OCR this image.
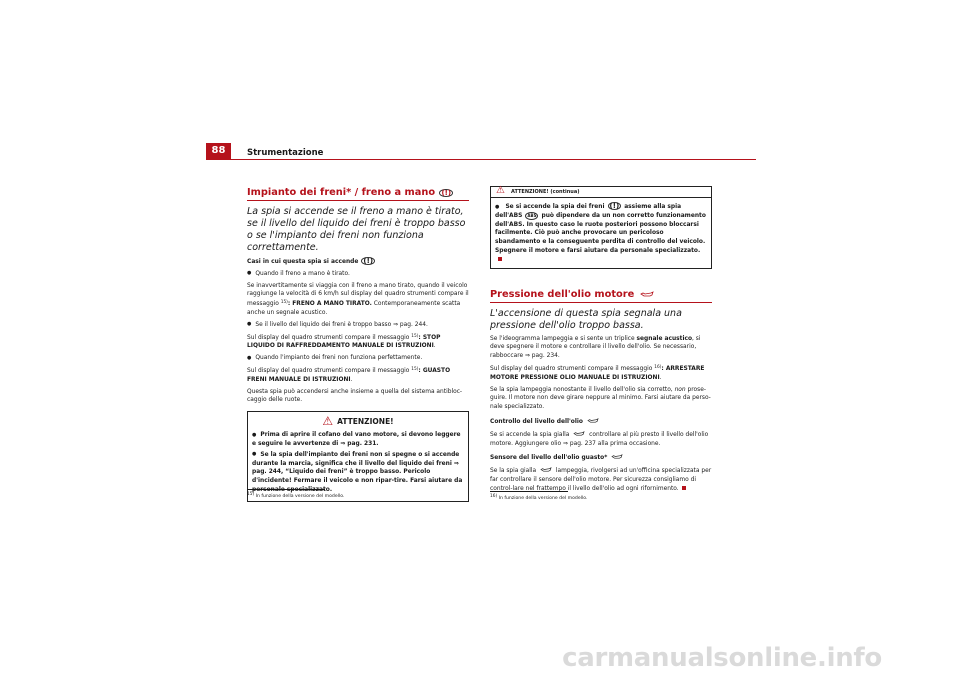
88	Strumentazione
Impianto dei freni* / freno a mano (!)

La spia si accende se il freno a mano è tirato, se il livello del liquido dei freni è troppo basso o se l'impianto dei freni non funziona correttamente.

Casi in cui questa spia si accende (!)

● Quando il freno a mano è tirato.

Se inavvertitamente si viaggia con il freno a mano tirato, quando il veicolo raggiunge la velocità di 6 km/h sul display del quadro strumenti compare il messaggio $^{15)}$: FRENO A MANO TIRATO. Contemporaneamente scatta anche un segnale acustico.

● Se il livello del liquido dei freni è troppo basso ⇒ pag. 244.

Sul display del quadro strumenti compare il messaggio $^{15)}$: STOP LIQUIDO DI RAFFREDDAMENTO MANUALE DI ISTRUZIONI.

● Quando l'impianto dei freni non funziona perfettamente.

Sul display del quadro strumenti compare il messaggio $^{15)}$: GUASTO FRENI MANUALE DI ISTRUZIONI.

Questa spia può accendersi anche insieme a quella del sistema antibloc-caggio delle ruote.

⚠ ATTENZIONE!

● Prima di aprire il cofano del vano motore, si devono leggere e seguire le avvertenze di ⇒ pag. 231.

● Se la spia dell'impianto dei freni non si spegne o si accende durante la marcia, significa che il livello del liquido dei freni ⇒ pag. 244, “Liquido dei freni” è troppo basso. Pericolo d'incidente! Fermare il veicolo e non ripar-tire. Farsi aiutare da personale specializzato.

$^{15)}$ In funzione della versione del modello.
⚠ ATTENZIONE! (continua)

● Se si accende la spia dei freni (!) assieme alla spia dell'ABS ABS può dipendere da un non corretto funzionamento dell'ABS. In questo caso le ruote posteriori possono bloccarsi facilmente. Ciò può anche provocare un pericoloso sbandamento e la conseguente perdita di controllo del veicolo. Spegnere il motore e farsi aiutare da personale specializzato.

Pressione dell'olio motore

L'accensione di questa spia segnala una pressione dell'olio troppo bassa.

Se l'ideogramma lampeggia e si sente un triplice segnale acustico, si deve spegnere il motore e controllare il livello dell'olio. Se necessario, rabboccare ⇒ pag. 234.

Sul display del quadro strumenti compare il messaggio $^{16)}$: ARRESTARE MOTORE PRESSIONE OLIO MANUALE DI ISTRUZIONI.

Se la spia lampeggia nonostante il livello dell'olio sia corretto, non prose-guire. Il motore non deve girare neppure al minimo. Farsi aiutare da perso-nale specializzato.

Controllo del livello dell'olio

Se si accende la spia gialla	controllare al più presto il livello dell'olio motore. Aggiungere olio ⇒ pag. 237 alla prima occasione.

Sensore del livello dell'olio guasto*

Se la spia gialla	lampeggia, rivolgersi ad un'officina specializzata per far controllare il sensore dell'olio motore. Per sicurezza consigliamo di control-lare nel frattempo il livello dell'olio ad ogni rifornimento.

$^{16)}$ In funzione della versione del modello.
carmanualsonline.info
